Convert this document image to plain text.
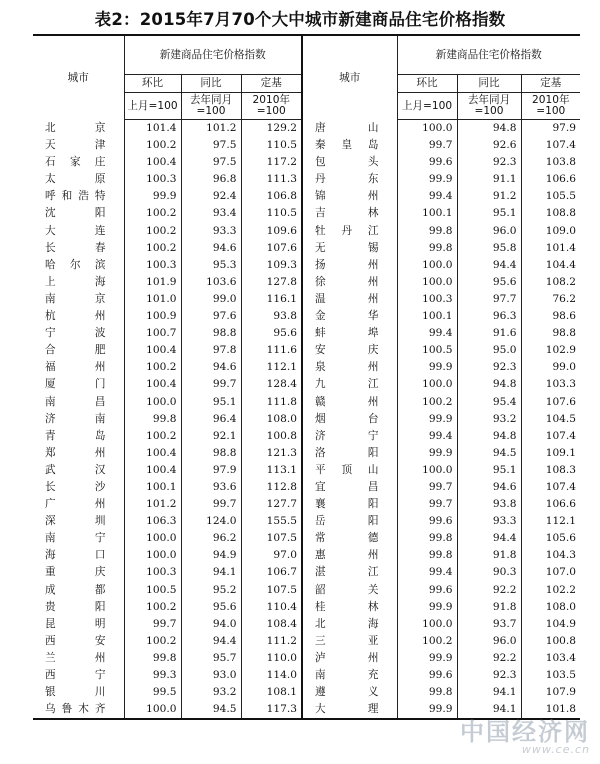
表2：2015年7月70个大中城市新建商品住宅价格指数
城市	新建商品住宅价格指数			城市	新建商品住宅价格指数		
	环比	同比	定基		环比	同比	定基
	上月=100	去年同月=100	2010年=100		上月=100	去年同月=100	2010年=100
北京	101.4	101.2	129.2	唐山	100.0	94.8	97.9
天津	100.2	97.5	110.5	秦皇岛	99.7	92.6	107.4
石家庄	100.4	97.5	117.2	包头	99.6	92.3	103.8
太原	100.3	96.8	111.3	丹东	99.9	91.1	106.6
呼和浩特	99.9	92.4	106.8	锦州	99.4	91.2	105.5
沈阳	100.2	93.4	110.5	吉林	100.1	95.1	108.8
大连	100.2	93.3	109.6	牡丹江	99.8	96.0	109.0
长春	100.2	94.6	107.6	无锡	99.8	95.8	101.4
哈尔滨	100.3	95.3	109.3	扬州	100.0	94.4	104.4
上海	101.9	103.6	127.8	徐州	100.0	95.6	108.2
南京	101.0	99.0	116.1	温州	100.3	97.7	76.2
杭州	100.9	97.6	93.8	金华	100.1	96.3	98.6
宁波	100.7	98.8	95.6	蚌埠	99.4	91.6	98.8
合肥	100.4	97.8	111.6	安庆	100.5	95.0	102.9
福州	100.2	94.6	112.1	泉州	99.9	92.3	99.0
厦门	100.4	99.7	128.4	九江	100.0	94.8	103.3
南昌	100.0	95.1	111.8	赣州	100.2	95.4	107.6
济南	99.8	96.4	108.0	烟台	99.9	93.2	104.5
青岛	100.2	92.1	100.8	济宁	99.4	94.8	107.4
郑州	100.4	98.8	121.3	洛阳	99.9	94.5	109.1
武汉	100.4	97.9	113.1	平顶山	100.0	95.1	108.3
长沙	100.1	93.6	112.8	宜昌	99.7	94.6	107.4
广州	101.2	99.7	127.7	襄阳	99.7	93.8	106.6
深圳	106.3	124.0	155.5	岳阳	99.6	93.3	112.1
南宁	100.0	96.2	107.5	常德	99.8	94.4	105.6
海口	100.0	94.9	97.0	惠州	99.8	91.8	104.3
重庆	100.3	94.1	106.7	湛江	99.4	90.3	107.0
成都	100.5	95.2	107.5	韶关	99.6	92.2	102.2
贵阳	100.2	95.6	110.4	桂林	99.9	91.8	108.0
昆明	99.7	94.0	108.4	北海	100.0	93.7	104.9
西安	100.2	94.4	111.2	三亚	100.2	96.0	100.8
兰州	99.8	95.7	110.0	泸州	99.9	92.2	103.4
西宁	99.3	93.0	114.0	南充	99.6	92.3	103.5
银川	99.5	93.2	108.1	遵义	99.8	94.1	107.9
乌鲁木齐	100.0	94.5	117.3	大理	99.9	94.1	101.8
中国经济网
www.ce.cn
